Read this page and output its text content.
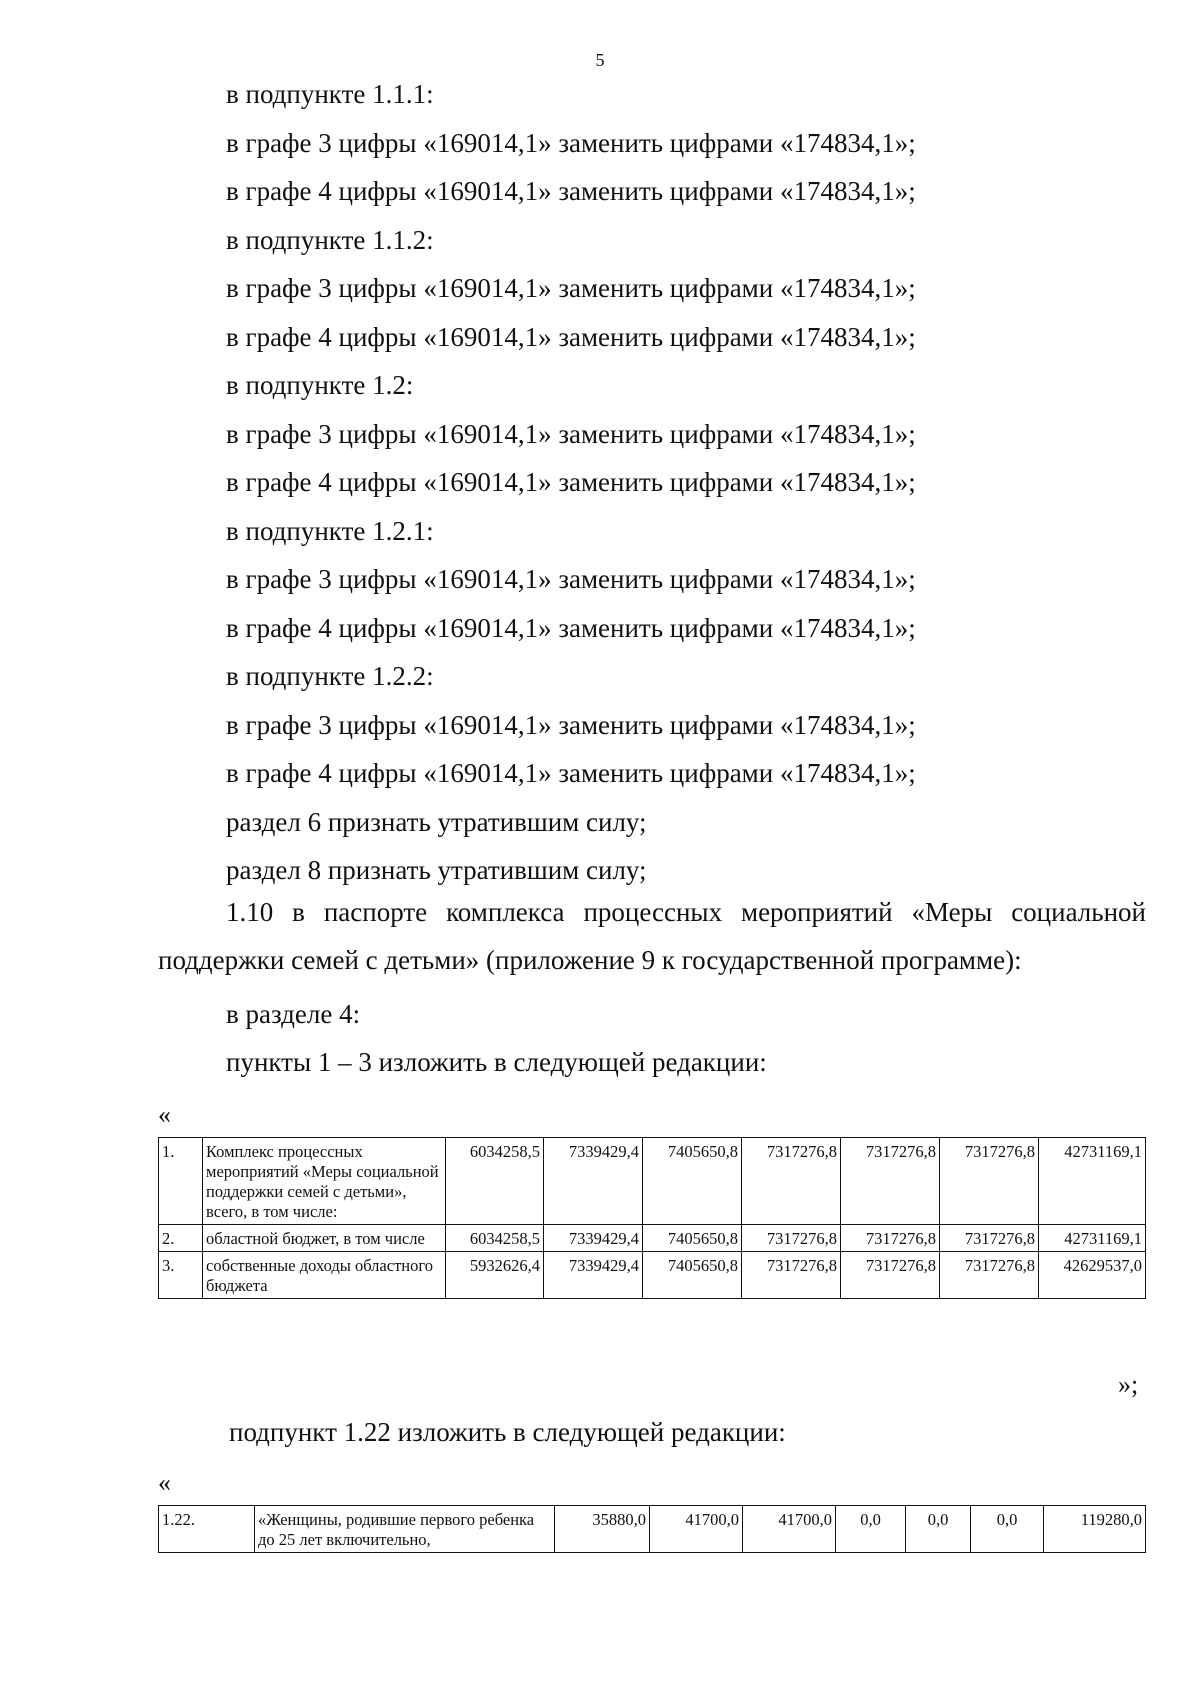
5
в подпункте 1.1.1:
в графе 3 цифры «169014,1» заменить цифрами «174834,1»;
в графе 4 цифры «169014,1» заменить цифрами «174834,1»;
в подпункте 1.1.2:
в графе 3 цифры «169014,1» заменить цифрами «174834,1»;
в графе 4 цифры «169014,1» заменить цифрами «174834,1»;
в подпункте 1.2:
в графе 3 цифры «169014,1» заменить цифрами «174834,1»;
в графе 4 цифры «169014,1» заменить цифрами «174834,1»;
в подпункте 1.2.1:
в графе 3 цифры «169014,1» заменить цифрами «174834,1»;
в графе 4 цифры «169014,1» заменить цифрами «174834,1»;
в подпункте 1.2.2:
в графе 3 цифры «169014,1» заменить цифрами «174834,1»;
в графе 4 цифры «169014,1» заменить цифрами «174834,1»;
раздел 6 признать утратившим силу;
раздел 8 признать утратившим силу;
1.10 в паспорте комплекса процессных мероприятий «Меры социальной
поддержки семей с детьми» (приложение 9 к государственной программе):
в разделе 4:
пункты 1 – 3 изложить в следующей редакции:
«
1.	Комплекс процессных мероприятий «Меры социальной поддержки семей с детьми», всего, в том числе:	6034258,5	7339429,4	7405650,8	7317276,8	7317276,8	7317276,8	42731169,1
2.	областной бюджет, в том числе	6034258,5	7339429,4	7405650,8	7317276,8	7317276,8	7317276,8	42731169,1
3.	собственные доходы областного бюджета	5932626,4	7339429,4	7405650,8	7317276,8	7317276,8	7317276,8	42629537,0
»;
подпункт 1.22 изложить в следующей редакции:
«
1.22.	«Женщины, родившие первого ребенка до 25 лет включительно,	35880,0	41700,0	41700,0	0,0	0,0	0,0	119280,0
